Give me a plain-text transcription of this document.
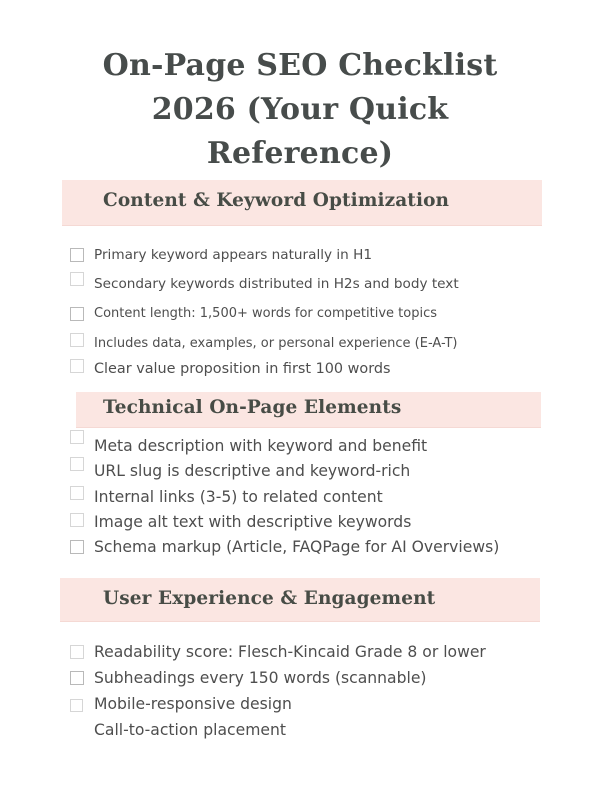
On-Page SEO Checklist
2026 (Your Quick
Reference)
Content & Keyword Optimization
Primary keyword appears naturally in H1
Secondary keywords distributed in H2s and body text
Content length: 1,500+ words for competitive topics
Includes data, examples, or personal experience (E-A-T)
Clear value proposition in first 100 words
Technical On-Page Elements
Meta description with keyword and benefit
URL slug is descriptive and keyword-rich
Internal links (3-5) to related content
Image alt text with descriptive keywords
Schema markup (Article, FAQPage for AI Overviews)
User Experience & Engagement
Readability score: Flesch-Kincaid Grade 8 or lower
Subheadings every 150 words (scannable)
Mobile-responsive design
Call-to-action placement
